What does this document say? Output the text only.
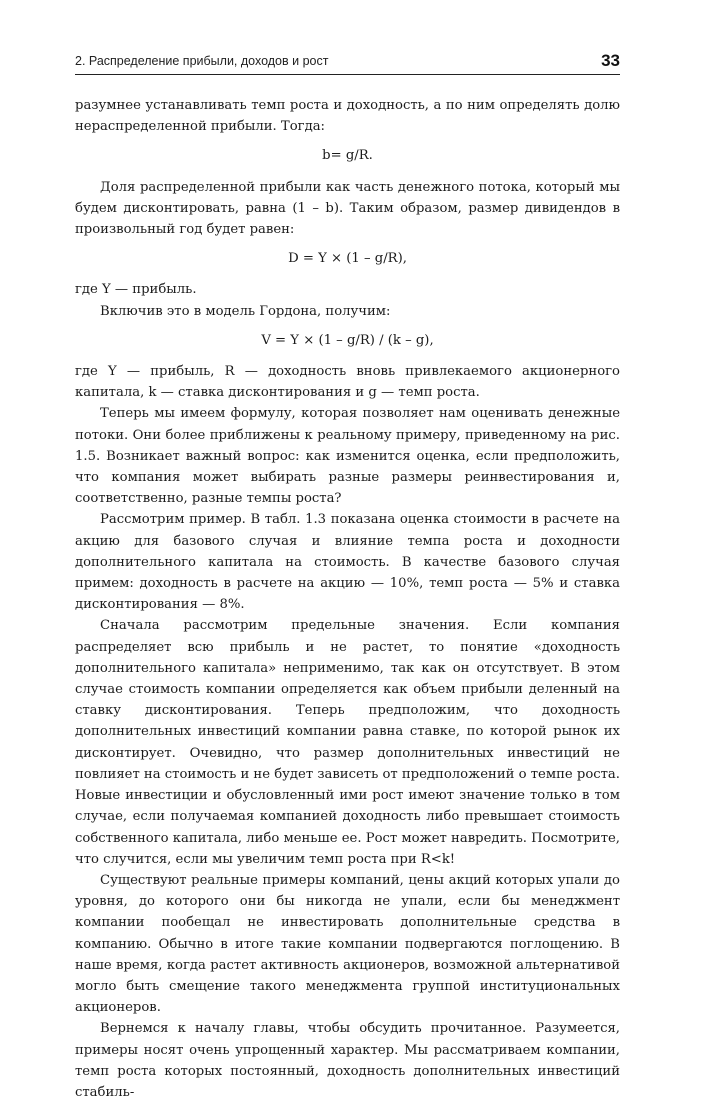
2. Распределение прибыли, доходов и рост	33

разумнее устанавливать темп роста и доходность, а по ним определять долю нераспределенной прибыли. Тогда:

b= g/R.

Доля распределенной прибыли как часть денежного потока, который мы будем дисконтировать, равна (1 – b). Таким образом, размер дивидендов в произвольный год будет равен:

D = Y × (1 – g/R),

где Y — прибыль.

Включив это в модель Гордона, получим:

V = Y × (1 – g/R) / (k – g),

где Y — прибыль, R — доходность вновь привлекаемого акционерного капитала, k — ставка дисконтирования и g — темп роста.

Теперь мы имеем формулу, которая позволяет нам оценивать денежные потоки. Они более приближены к реальному примеру, приведенному на рис. 1.5. Возникает важный вопрос: как изменится оценка, если предположить, что компания может выбирать разные размеры реинвестирования и, соответственно, разные темпы роста?

Рассмотрим пример. В табл. 1.3 показана оценка стоимости в расчете на акцию для базового случая и влияние темпа роста и доходности дополнительного капитала на стоимость. В качестве базового случая примем: доходность в расчете на акцию — 10%, темп роста — 5% и ставка дисконтирования — 8%.

Сначала рассмотрим предельные значения. Если компания распределяет всю прибыль и не растет, то понятие «доходность дополнительного капитала» неприменимо, так как он отсутствует. В этом случае стоимость компании определяется как объем прибыли деленный на ставку дисконтирования. Теперь предположим, что доходность дополнительных инвестиций компании равна ставке, по которой рынок их дисконтирует. Очевидно, что размер дополнительных инвестиций не повлияет на стоимость и не будет зависеть от предположений о темпе роста. Новые инвестиции и обусловленный ими рост имеют значение только в том случае, если получаемая компанией доходность либо превышает стоимость собственного капитала, либо меньше ее. Рост может навредить. Посмотрите, что случится, если мы увеличим темп роста при R<k!

Существуют реальные примеры компаний, цены акций которых упали до уровня, до которого они бы никогда не упали, если бы менеджмент компании пообещал не инвестировать дополнительные средства в компанию. Обычно в итоге такие компании подвергаются поглощению. В наше время, когда растет активность акционеров, возможной альтернативой могло быть смещение такого менеджмента группой институциональных акционеров.

Вернемся к началу главы, чтобы обсудить прочитанное. Разумеется, примеры носят очень упрощенный характер. Мы рассматриваем компании, темп роста которых постоянный, доходность дополнительных инвестиций стабиль-
